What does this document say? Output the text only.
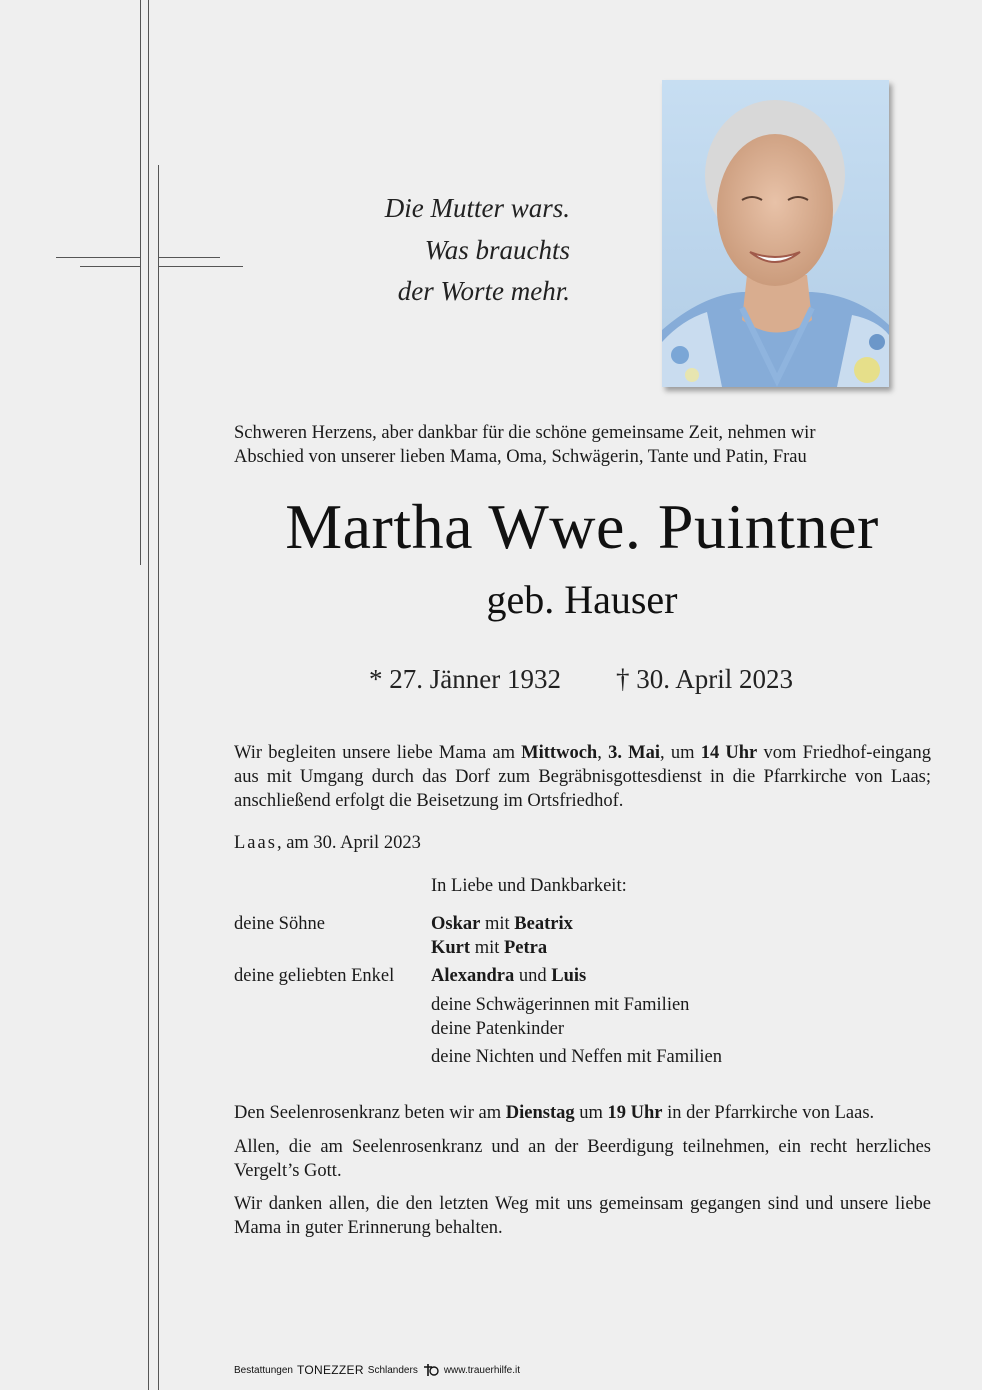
Die Mutter wars.
Was brauchts
der Worte mehr.
Schweren Herzens, aber dankbar für die schöne gemeinsame Zeit, nehmen wir
Abschied von unserer lieben Mama, Oma, Schwägerin, Tante und Patin, Frau
Martha Wwe. Puintner
geb. Hauser
* 27. Jänner 1932 † 30. April 2023
Wir begleiten unsere liebe Mama am Mittwoch, 3. Mai, um 14 Uhr vom Friedhof-eingang aus mit Umgang durch das Dorf zum Begräbnisgottesdienst in die Pfarrkirche von Laas; anschließend erfolgt die Beisetzung im Ortsfriedhof.
Laas, am 30. April 2023
In Liebe und Dankbarkeit:
deine Söhne	Oskar mit Beatrix
Kurt mit Petra
deine geliebten Enkel Alexandra und Luis
deine Schwägerinnen mit Familien
deine Patenkinder
deine Nichten und Neffen mit Familien
Den Seelenrosenkranz beten wir am Dienstag um 19 Uhr in der Pfarrkirche von Laas.
Allen, die am Seelenrosenkranz und an der Beerdigung teilnehmen, ein recht herzliches Vergelt’s Gott.
Wir danken allen, die den letzten Weg mit uns gemeinsam gegangen sind und unsere liebe Mama in guter Erinnerung behalten.
Bestattungen TONEZZER Schlanders	www.trauerhilfe.it
